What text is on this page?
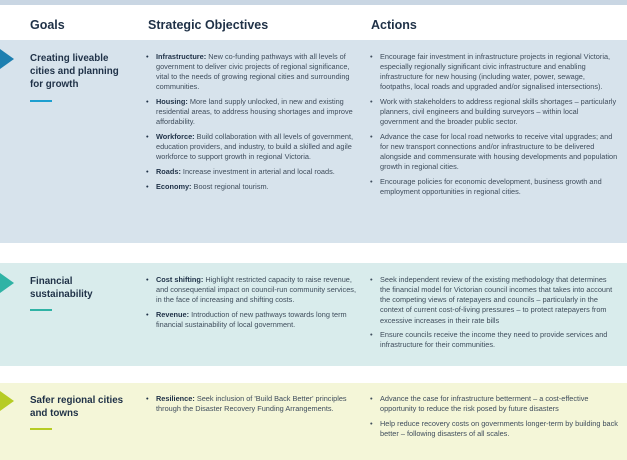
Goals	Strategic Objectives	Actions
Creating liveable cities and planning for growth
• Infrastructure: New co-funding pathways with all levels of government to deliver civic projects of regional significance, vital to the needs of growing regional cities and surrounding communities.
• Housing: More land supply unlocked, in new and existing residential areas, to address housing shortages and improve affordability.
• Workforce: Build collaboration with all levels of government, education providers, and industry, to build a skilled and agile workforce to support growth in regional Victoria.
• Roads: Increase investment in arterial and local roads.
• Economy: Boost regional tourism.
• Encourage fair investment in infrastructure projects in regional Victoria, especially regionally significant civic infrastructure and enabling infrastructure for new housing (including water, power, sewage, footpaths, local roads and upgraded and/or signalised intersections).
• Work with stakeholders to address regional skills shortages – particularly planners, civil engineers and building surveyors – within local government and the broader public sector.
• Advance the case for local road networks to receive vital upgrades; and for new transport connections and/or infrastructure to be delivered alongside and commensurate with housing developments and population growth in regional cities.
• Encourage policies for economic development, business growth and employment opportunities in regional cities.
Financial sustainability
• Cost shifting: Highlight restricted capacity to raise revenue, and consequential impact on council-run community services, in the face of increasing and shifting costs.
• Revenue: Introduction of new pathways towards long term financial sustainability of local government.
• Seek independent review of the existing methodology that determines the financial model for Victorian council incomes that takes into account the competing views of ratepayers and councils – particularly in the context of current cost-of-living pressures – to protect ratepayers from excessive increases in their rate bills
• Ensure councils receive the income they need to provide services and infrastructure for their communities.
Safer regional cities and towns
• Resilience: Seek inclusion of 'Build Back Better' principles through the Disaster Recovery Funding Arrangements.
• Advance the case for infrastructure betterment – a cost-effective opportunity to reduce the risk posed by future disasters
• Help reduce recovery costs on governments longer-term by building back better – following disasters of all scales.
